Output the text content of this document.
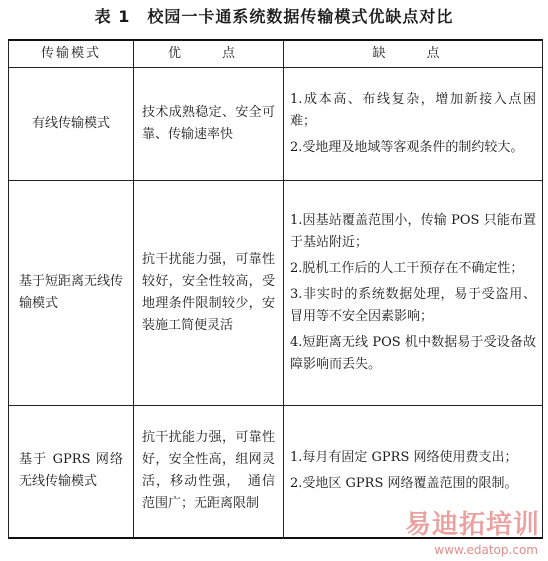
表 1　校园一卡通系统数据传输模式优缺点对比
传输模式	优　点	缺　点

有线传输模式	技术成熟稳定、安全可靠、传输速率快	1.成本高、布线复杂，增加新接入点困难；
2.受地理及地域等客观条件的制约较大。

基于短距离无线传输模式	抗干扰能力强，可靠性较好，安全性较高，受地理条件限制较少，安装施工简便灵活	1.因基站覆盖范围小，传输 POS 只能布置于基站附近；
2.脱机工作后的人工干预存在不确定性；
3.非实时的系统数据处理，易于受盗用、冒用等不安全因素影响；
4.短距离无线 POS 机中数据易于受设备故障影响而丢失。

基于 GPRS 网络无线传输模式	抗干扰能力强，可靠性好，安全性高，组网灵活，移动性强，　通信范围广；无距离限制	1.每月有固定 GPRS 网络使用费支出；
2.受地区 GPRS 网络覆盖范围的限制。
易迪拓培训
www.edatop.com
